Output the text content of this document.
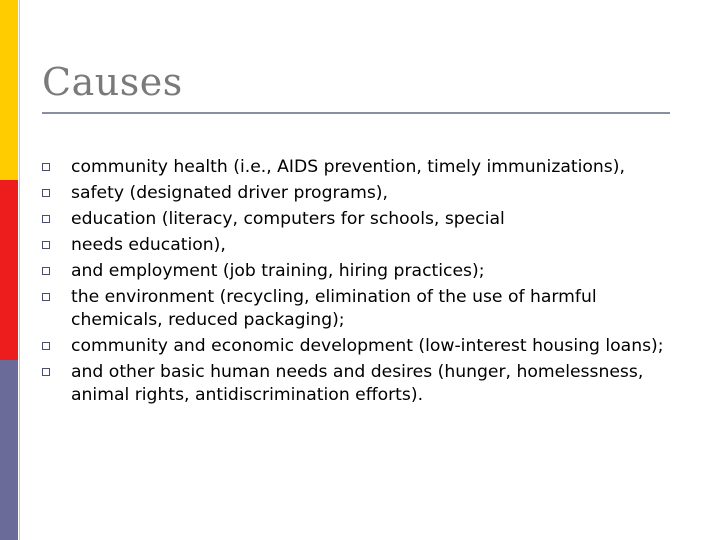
Causes
community health (i.e., AIDS prevention, timely immunizations),
safety (designated driver programs),
education (literacy, computers for schools, special
needs education),
and employment (job training, hiring practices);
the environment (recycling, elimination of the use of harmful chemicals, reduced packaging);
community and economic development (low-interest housing loans);
and other basic human needs and desires (hunger, homelessness, animal rights, antidiscrimination efforts).
